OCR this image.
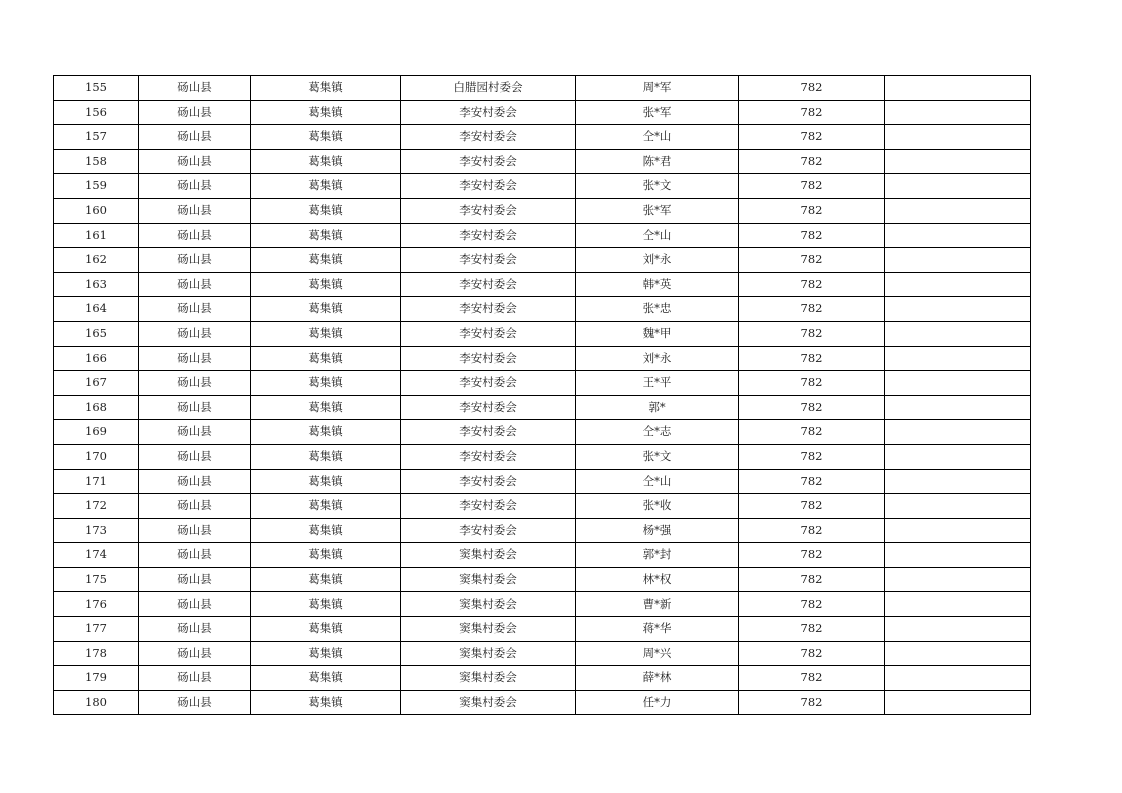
155	砀山县	葛集镇	白腊园村委会	周*军	782	
156	砀山县	葛集镇	李安村委会	张*军	782	
157	砀山县	葛集镇	李安村委会	仝*山	782	
158	砀山县	葛集镇	李安村委会	陈*君	782	
159	砀山县	葛集镇	李安村委会	张*文	782	
160	砀山县	葛集镇	李安村委会	张*军	782	
161	砀山县	葛集镇	李安村委会	仝*山	782	
162	砀山县	葛集镇	李安村委会	刘*永	782	
163	砀山县	葛集镇	李安村委会	韩*英	782	
164	砀山县	葛集镇	李安村委会	张*忠	782	
165	砀山县	葛集镇	李安村委会	魏*甲	782	
166	砀山县	葛集镇	李安村委会	刘*永	782	
167	砀山县	葛集镇	李安村委会	王*平	782	
168	砀山县	葛集镇	李安村委会	郭*	782	
169	砀山县	葛集镇	李安村委会	仝*志	782	
170	砀山县	葛集镇	李安村委会	张*文	782	
171	砀山县	葛集镇	李安村委会	仝*山	782	
172	砀山县	葛集镇	李安村委会	张*收	782	
173	砀山县	葛集镇	李安村委会	杨*强	782	
174	砀山县	葛集镇	窦集村委会	郭*封	782	
175	砀山县	葛集镇	窦集村委会	林*权	782	
176	砀山县	葛集镇	窦集村委会	曹*新	782	
177	砀山县	葛集镇	窦集村委会	蒋*华	782	
178	砀山县	葛集镇	窦集村委会	周*兴	782	
179	砀山县	葛集镇	窦集村委会	薛*林	782	
180	砀山县	葛集镇	窦集村委会	任*力	782	
